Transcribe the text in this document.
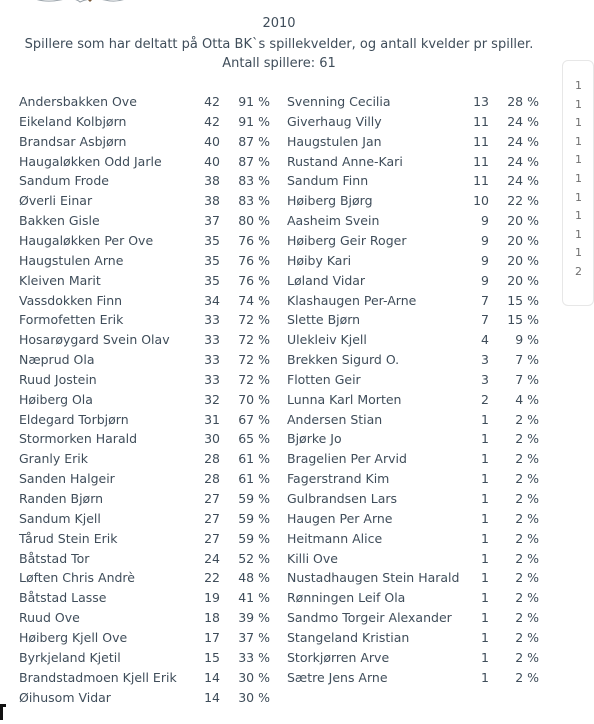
2010
Spillere som har deltatt på Otta BK`s spillekvelder, og antall kvelder pr spiller.
Antall spillere: 61
Andersbakken Ove	42	91 % Svenning Cecilia	13	28 %
Eikeland Kolbjørn	42	91 % Giverhaug Villy	11	24 %
Brandsar Asbjørn	40	87 % Haugstulen Jan	11	24 %
Haugaløkken Odd Jarle	40	87 % Rustand Anne-Kari	11	24 %
Sandum Frode	38	83 % Sandum Finn	11	24 %
Øverli Einar	38	83 % Høiberg Bjørg	10	22 %
Bakken Gisle	37	80 % Aasheim Svein	9	20 %
Haugaløkken Per Ove	35	76 % Høiberg Geir Roger	9	20 %
Haugstulen Arne	35	76 % Høiby Kari	9	20 %
Kleiven Marit	35	76 % Løland Vidar	9	20 %
Vassdokken Finn	34	74 % Klashaugen Per-Arne	7	15 %
Formofetten Erik	33	72 % Slette Bjørn	7	15 %
Hosarøygard Svein Olav	33	72 % Ulekleiv Kjell	4	9 %
Næprud Ola	33	72 % Brekken Sigurd O.	3	7 %
Ruud Jostein	33	72 % Flotten Geir	3	7 %
Høiberg Ola	32	70 % Lunna Karl Morten	2	4 %
Eldegard Torbjørn	31	67 % Andersen Stian	1	2 %
Stormorken Harald	30	65 % Bjørke Jo	1	2 %
Granly Erik	28	61 % Bragelien Per Arvid	1	2 %
Sanden Halgeir	28	61 % Fagerstrand Kim	1	2 %
Randen Bjørn	27	59 % Gulbrandsen Lars	1	2 %
Sandum Kjell	27	59 % Haugen Per Arne	1	2 %
Tårud Stein Erik	27	59 % Heitmann Alice	1	2 %
Båtstad Tor	24	52 % Killi Ove	1	2 %
Løften Chris Andrè	22	48 % Nustadhaugen Stein Harald	1	2 %
Båtstad Lasse	19	41 % Rønningen Leif Ola	1	2 %
Ruud Ove	18	39 % Sandmo Torgeir Alexander	1	2 %
Høiberg Kjell Ove	17	37 % Stangeland Kristian	1	2 %
Byrkjeland Kjetil	15	33 % Storkjørren Arve	1	2 %
Brandstadmoen Kjell Erik	14	30 % Sætre Jens Arne	1	2 %
Øihusom Vidar	14	30 %
1
1
1
1
1
1
1
1
1
1
2
